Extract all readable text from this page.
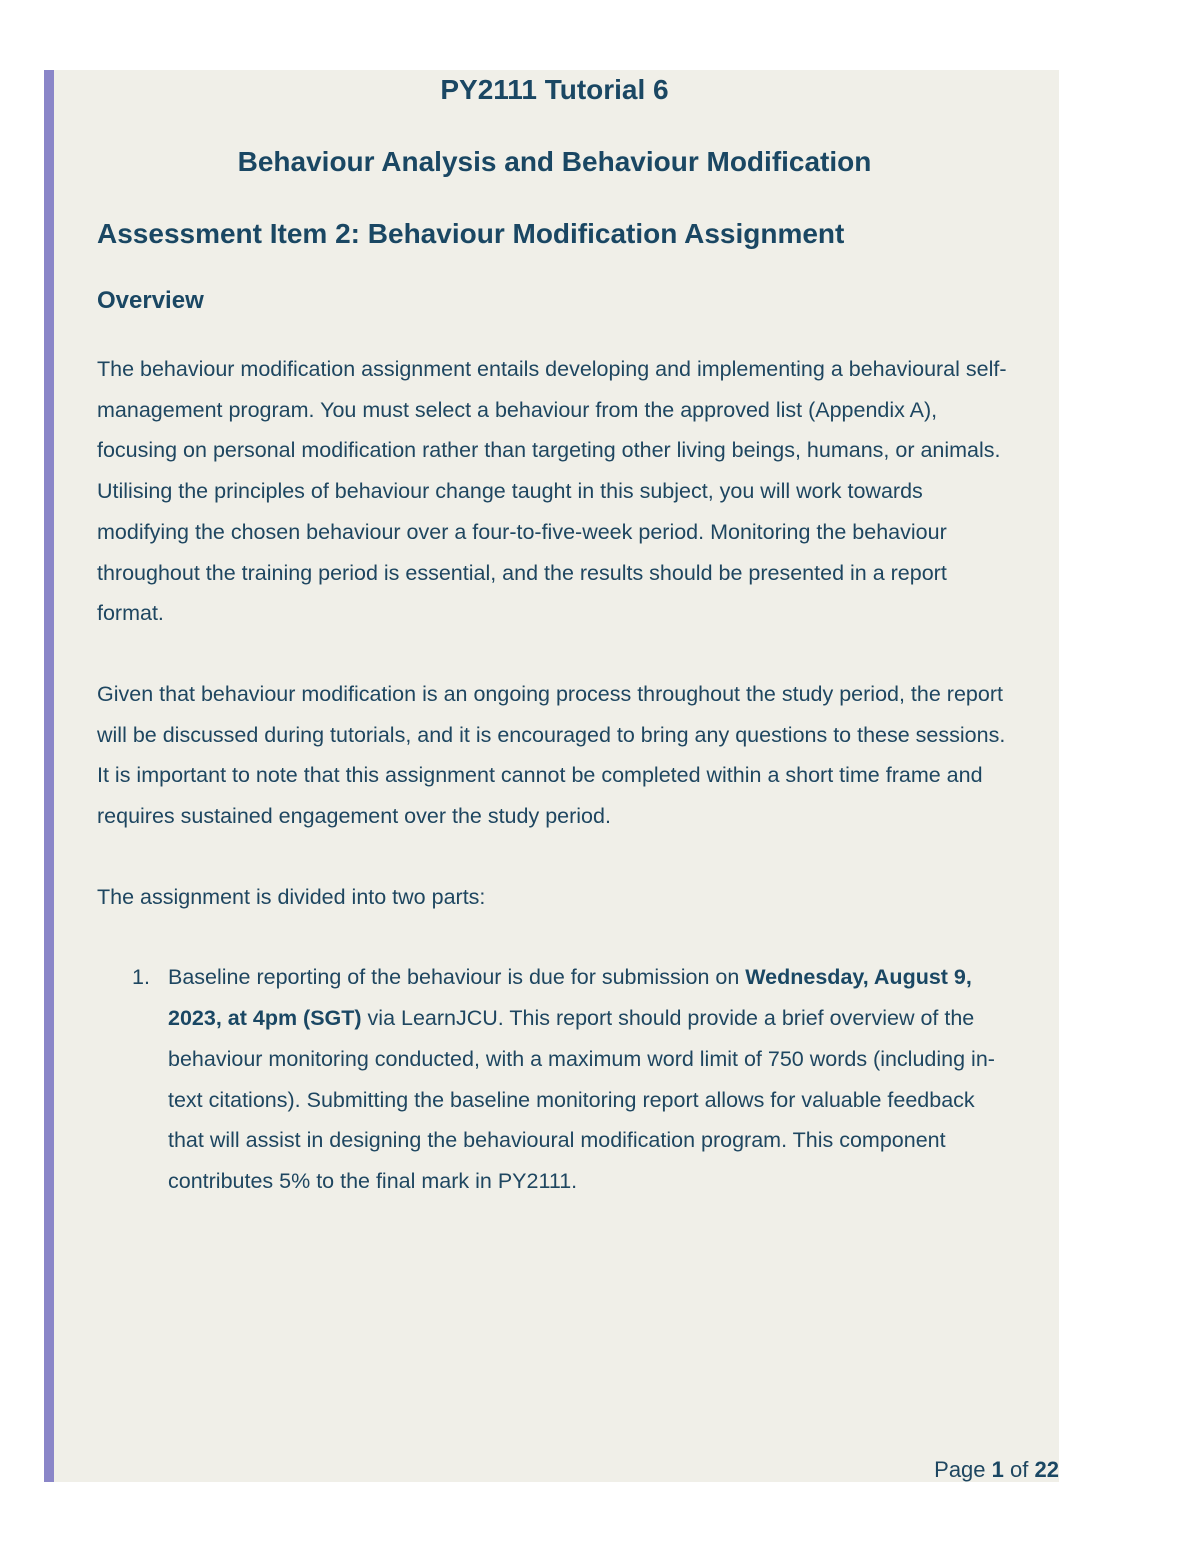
PY2111 Tutorial 6
Behaviour Analysis and Behaviour Modification
Assessment Item 2: Behaviour Modification Assignment
Overview

The behaviour modification assignment entails developing and implementing a behavioural self-management program. You must select a behaviour from the approved list (Appendix A), focusing on personal modification rather than targeting other living beings, humans, or animals. Utilising the principles of behaviour change taught in this subject, you will work towards modifying the chosen behaviour over a four-to-five-week period. Monitoring the behaviour throughout the training period is essential, and the results should be presented in a report format.

Given that behaviour modification is an ongoing process throughout the study period, the report will be discussed during tutorials, and it is encouraged to bring any questions to these sessions. It is important to note that this assignment cannot be completed within a short time frame and requires sustained engagement over the study period.

The assignment is divided into two parts:

1. Baseline reporting of the behaviour is due for submission on Wednesday, August 9, 2023, at 4pm (SGT) via LearnJCU. This report should provide a brief overview of the behaviour monitoring conducted, with a maximum word limit of 750 words (including in-text citations). Submitting the baseline monitoring report allows for valuable feedback that will assist in designing the behavioural modification program. This component contributes 5% to the final mark in PY2111.
Page 1 of 22
